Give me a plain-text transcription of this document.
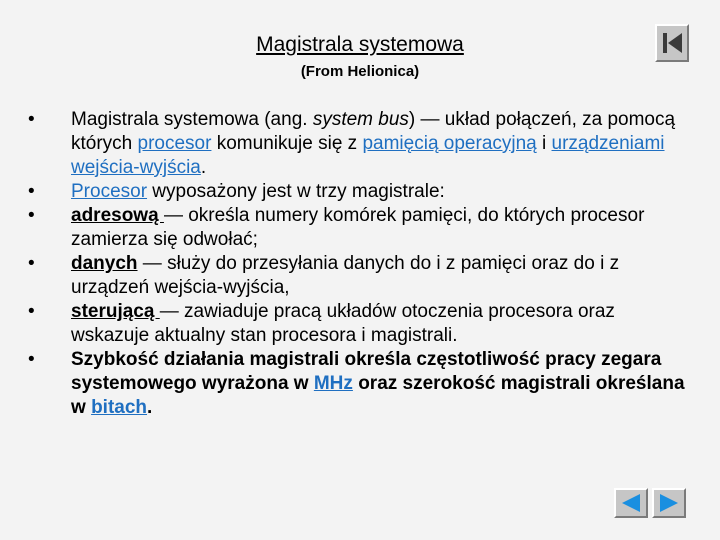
Magistrala systemowa
(From Helionica)
•	Magistrala systemowa (ang. system bus) — układ połączeń, za pomocą których procesor komunikuje się z pamięcią operacyjną i urządzeniami wejścia-wyjścia.
•	Procesor wyposażony jest w trzy magistrale:
•	adresową — określa numery komórek pamięci, do których procesor zamierza się odwołać;
•	danych — służy do przesyłania danych do i z pamięci oraz do i z urządzeń wejścia-wyjścia,
•	sterującą — zawiaduje pracą układów otoczenia procesora oraz wskazuje aktualny stan procesora i magistrali.
•	Szybkość działania magistrali określa częstotliwość pracy zegara systemowego wyrażona w MHz oraz szerokość magistrali określana w bitach.
